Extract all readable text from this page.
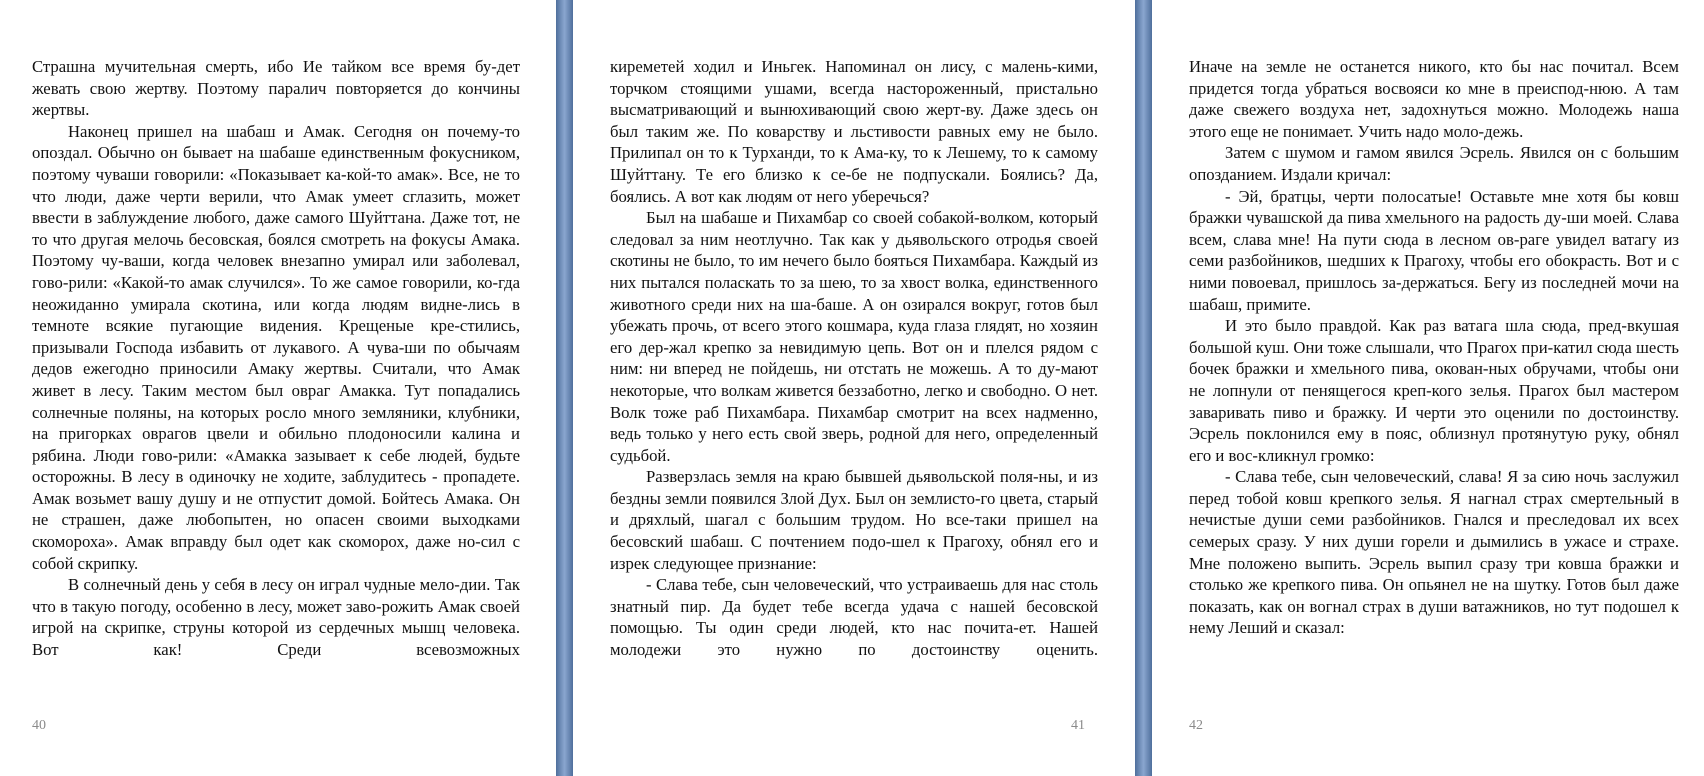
Страшна мучительная смерть, ибо Ие тайком все время бу-дет жевать свою жертву. Поэтому паралич повторяется до кончины жертвы.

Наконец пришел на шабаш и Амак. Сегодня он почему-то опоздал. Обычно он бывает на шабаше единственным фокусником, поэтому чуваши говорили: «Показывает ка-кой-то амак». Все, не то что люди, даже черти верили, что Амак умеет сглазить, может ввести в заблуждение любого, даже самого Шуйттана. Даже тот, не то что другая мелочь бесовская, боялся смотреть на фокусы Амака. Поэтому чу-ваши, когда человек внезапно умирал или заболевал, гово-рили: «Какой-то амак случился». То же самое говорили, ко-гда неожиданно умирала скотина, или когда людям видне-лись в темноте всякие пугающие видения. Крещеные кре-стились, призывали Господа избавить от лукавого. А чува-ши по обычаям дедов ежегодно приносили Амаку жертвы. Считали, что Амак живет в лесу. Таким местом был овраг Амакка. Тут попадались солнечные поляны, на которых росло много земляники, клубники, на пригорках оврагов цвели и обильно плодоносили калина и рябина. Люди гово-рили: «Амакка зазывает к себе людей, будьте осторожны. В лесу в одиночку не ходите, заблудитесь - пропадете. Амак возьмет вашу душу и не отпустит домой. Бойтесь Амака. Он не страшен, даже любопытен, но опасен своими выходками скомороха». Амак вправду был одет как скоморох, даже но-сил с собой скрипку.

В солнечный день у себя в лесу он играл чудные мело-дии. Так что в такую погоду, особенно в лесу, может заво-рожить Амак своей игрой на скрипке, струны которой из сердечных мышц человека. Вот как! Среди всевозможных

40

киреметей ходил и Иньгек. Напоминал он лису, с малень-кими, торчком стоящими ушами, всегда настороженный, пристально высматривающий и вынюхивающий свою жерт-ву. Даже здесь он был таким же. По коварству и льстивости равных ему не было. Прилипал он то к Турханди, то к Ама-ку, то к Лешему, то к самому Шуйттану. Те его близко к се-бе не подпускали. Боялись? Да, боялись. А вот как людям от него уберечься?

Был на шабаше и Пихамбар со своей собакой-волком, который следовал за ним неотлучно. Так как у дьявольского отродья своей скотины не было, то им нечего было бояться Пихамбара. Каждый из них пытался поласкать то за шею, то за хвост волка, единственного животного среди них на ша-баше. А он озирался вокруг, готов был убежать прочь, от всего этого кошмара, куда глаза глядят, но хозяин его дер-жал крепко за невидимую цепь. Вот он и плелся рядом с ним: ни вперед не пойдешь, ни отстать не можешь. А то ду-мают некоторые, что волкам живется беззаботно, легко и свободно. О нет. Волк тоже раб Пихамбара. Пихамбар смотрит на всех надменно, ведь только у него есть свой зверь, родной для него, определенный судьбой.

Разверзлась земля на краю бывшей дьявольской поля-ны, и из бездны земли появился Злой Дух. Был он землисто-го цвета, старый и дряхлый, шагал с большим трудом. Но все-таки пришел на бесовский шабаш. С почтением подо-шел к Прагоху, обнял его и изрек следующее признание:

- Слава тебе, сын человеческий, что устраиваешь для нас столь знатный пир. Да будет тебе всегда удача с нашей бесовской помощью. Ты один среди людей, кто нас почита-ет. Нашей молодежи это нужно по достоинству оценить.

41

Иначе на земле не останется никого, кто бы нас почитал. Всем придется тогда убраться восвояси ко мне в преиспод-нюю. А там даже свежего воздуха нет, задохнуться можно. Молодежь наша этого еще не понимает. Учить надо моло-дежь.

Затем с шумом и гамом явился Эсрель. Явился он с большим опозданием. Издали кричал:

- Эй, братцы, черти полосатые! Оставьте мне хотя бы ковш бражки чувашской да пива хмельного на радость ду-ши моей. Слава всем, слава мне! На пути сюда в лесном ов-раге увидел ватагу из семи разбойников, шедших к Прагоху, чтобы его обокрасть. Вот и с ними повоевал, пришлось за-держаться. Бегу из последней мочи на шабаш, примите.

И это было правдой. Как раз ватага шла сюда, пред-вкушая большой куш. Они тоже слышали, что Прагох при-катил сюда шесть бочек бражки и хмельного пива, окован-ных обручами, чтобы они не лопнули от пенящегося креп-кого зелья. Прагох был мастером заваривать пиво и бражку. И черти это оценили по достоинству. Эсрель поклонился ему в пояс, облизнул протянутую руку, обнял его и вос-кликнул громко:

- Слава тебе, сын человеческий, слава! Я за сию ночь заслужил перед тобой ковш крепкого зелья. Я нагнал страх смертельный в нечистые души семи разбойников. Гнался и преследовал их всех семерых сразу. У них души горели и дымились в ужасе и страхе. Мне положено выпить. Эсрель выпил сразу три ковша бражки и столько же крепкого пива. Он опьянел не на шутку. Готов был даже показать, как он вогнал страх в души ватажников, но тут подошел к нему Леший и сказал:

42
